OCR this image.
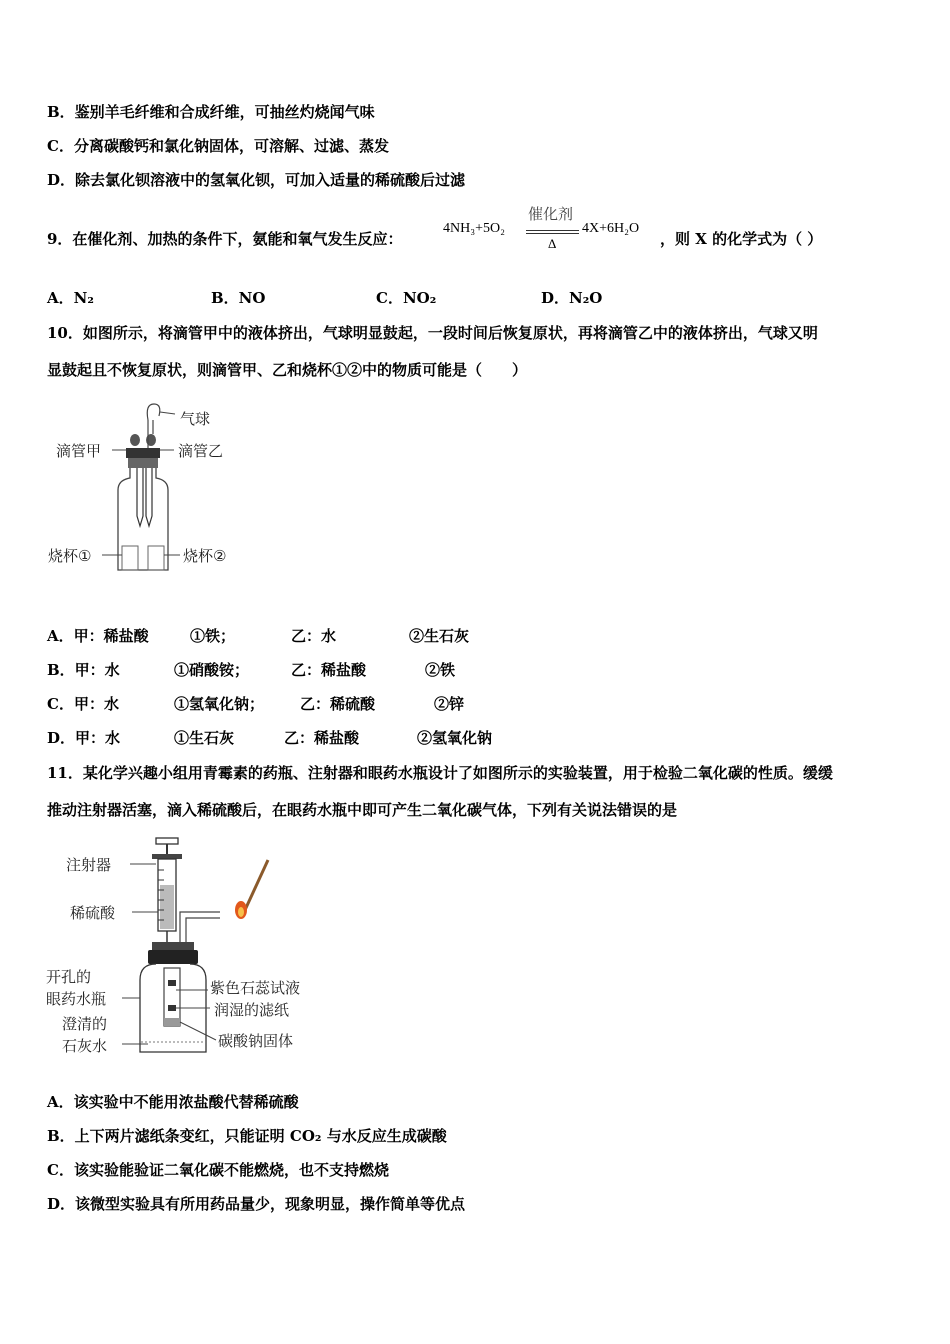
B．鉴别羊毛纤维和合成纤维，可抽丝灼烧闻气味
C．分离碳酸钙和氯化钠固体，可溶解、过滤、蒸发
D．除去氯化钡溶液中的氢氧化钡，可加入适量的稀硫酸后过滤
9．在催化剂、加热的条件下，氨能和氧气发生反应：
4NH₃+5O₂
催化剂
Δ
4X+6H₂O
，则 X 的化学式为（ ）
A．N₂	B．NO	C．NO₂	D．N₂O
10．如图所示，将滴管甲中的液体挤出，气球明显鼓起，一段时间后恢复原状，再将滴管乙中的液体挤出，气球又明
显鼓起且不恢复原状，则滴管甲、乙和烧杯①②中的物质可能是（　　）
气球
滴管甲	滴管乙
烧杯①	烧杯②
A．甲：稀盐酸	①铁；	乙：水	②生石灰
B．甲：水	①硝酸铵；	乙：稀盐酸	②铁
C．甲：水	①氢氧化钠； 乙：稀硫酸	②锌
D．甲：水	①生石灰	乙：稀盐酸	②氢氧化钠
11．某化学兴趣小组用青霉素的药瓶、注射器和眼药水瓶设计了如图所示的实验装置，用于检验二氧化碳的性质。缓缓
推动注射器活塞，滴入稀硫酸后，在眼药水瓶中即可产生二氧化碳气体，下列有关说法错误的是
注射器
稀硫酸
开孔的
眼药水瓶
澄清的
石灰水
紫色石蕊试液
润湿的滤纸
碳酸钠固体
A．该实验中不能用浓盐酸代替稀硫酸
B．上下两片滤纸条变红，只能证明 CO₂ 与水反应生成碳酸
C．该实验能验证二氧化碳不能燃烧，也不支持燃烧
D．该微型实验具有所用药品量少，现象明显，操作简单等优点
